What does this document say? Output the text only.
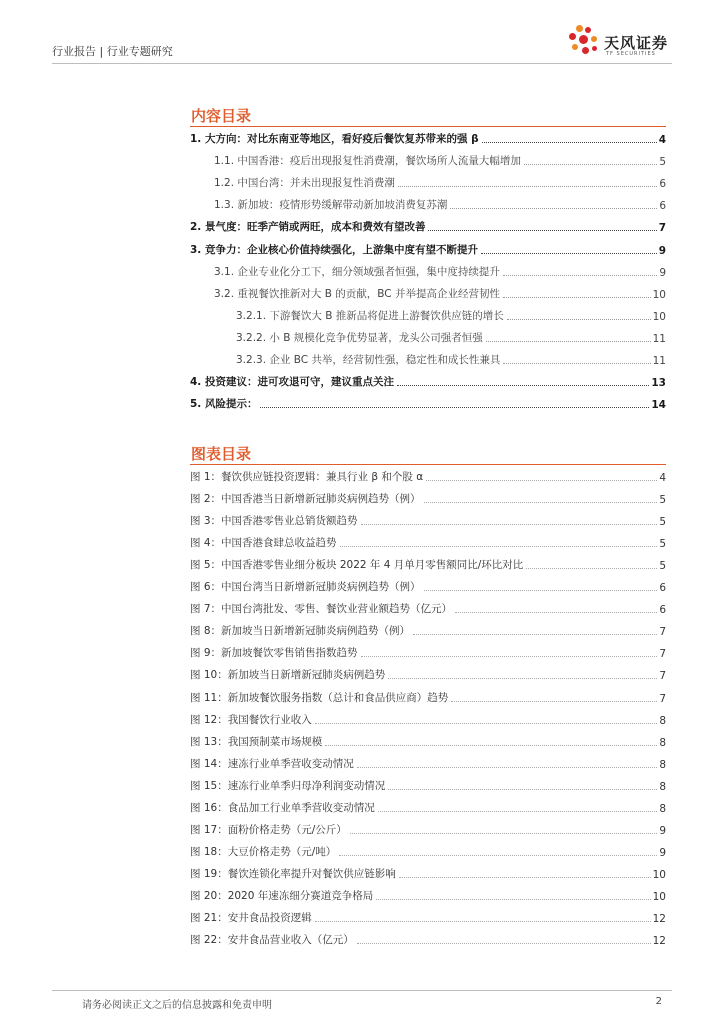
行业报告 | 行业专题研究	天风证券
TF SECURITIES
内容目录
1. 大方向：对比东南亚等地区，看好疫后餐饮复苏带来的强 β	4
1.1. 中国香港：疫后出现报复性消费潮，餐饮场所人流量大幅增加	5
1.2. 中国台湾：并未出现报复性消费潮	6
1.3. 新加坡：疫情形势缓解带动新加坡消费复苏潮	6
2. 景气度：旺季产销或两旺，成本和费效有望改善	7
3. 竞争力：企业核心价值持续强化，上游集中度有望不断提升	9
3.1. 企业专业化分工下，细分领域强者恒强，集中度持续提升	9
3.2. 重视餐饮推新对大 B 的贡献，BC 并举提高企业经营韧性	10
3.2.1. 下游餐饮大 B 推新品将促进上游餐饮供应链的增长	10
3.2.2. 小 B 规模化竞争优势显著，龙头公司强者恒强	11
3.2.3. 企业 BC 共举，经营韧性强，稳定性和成长性兼具	11
4. 投资建议：进可攻退可守，建议重点关注	13
5. 风险提示：	14
图表目录
图 1：餐饮供应链投资逻辑：兼具行业 β 和个股 α	4
图 2：中国香港当日新增新冠肺炎病例趋势（例）	5
图 3：中国香港零售业总销货额趋势	5
图 4：中国香港食肆总收益趋势	5
图 5：中国香港零售业细分板块 2022 年 4 月单月零售额同比/环比对比	5
图 6：中国台湾当日新增新冠肺炎病例趋势（例）	6
图 7：中国台湾批发、零售、餐饮业营业额趋势（亿元）	6
图 8：新加坡当日新增新冠肺炎病例趋势（例）	7
图 9：新加坡餐饮零售销售指数趋势	7
图 10：新加坡当日新增新冠肺炎病例趋势	7
图 11：新加坡餐饮服务指数（总计和食品供应商）趋势	7
图 12：我国餐饮行业收入	8
图 13：我国预制菜市场规模	8
图 14：速冻行业单季营收变动情况	8
图 15：速冻行业单季归母净利润变动情况	8
图 16：食品加工行业单季营收变动情况	8
图 17：面粉价格走势（元/公斤）	9
图 18：大豆价格走势（元/吨）	9
图 19：餐饮连锁化率提升对餐饮供应链影响	10
图 20：2020 年速冻细分赛道竞争格局	10
图 21：安井食品投资逻辑	12
图 22：安井食品营业收入（亿元）	12
请务必阅读正文之后的信息披露和免责申明	2
